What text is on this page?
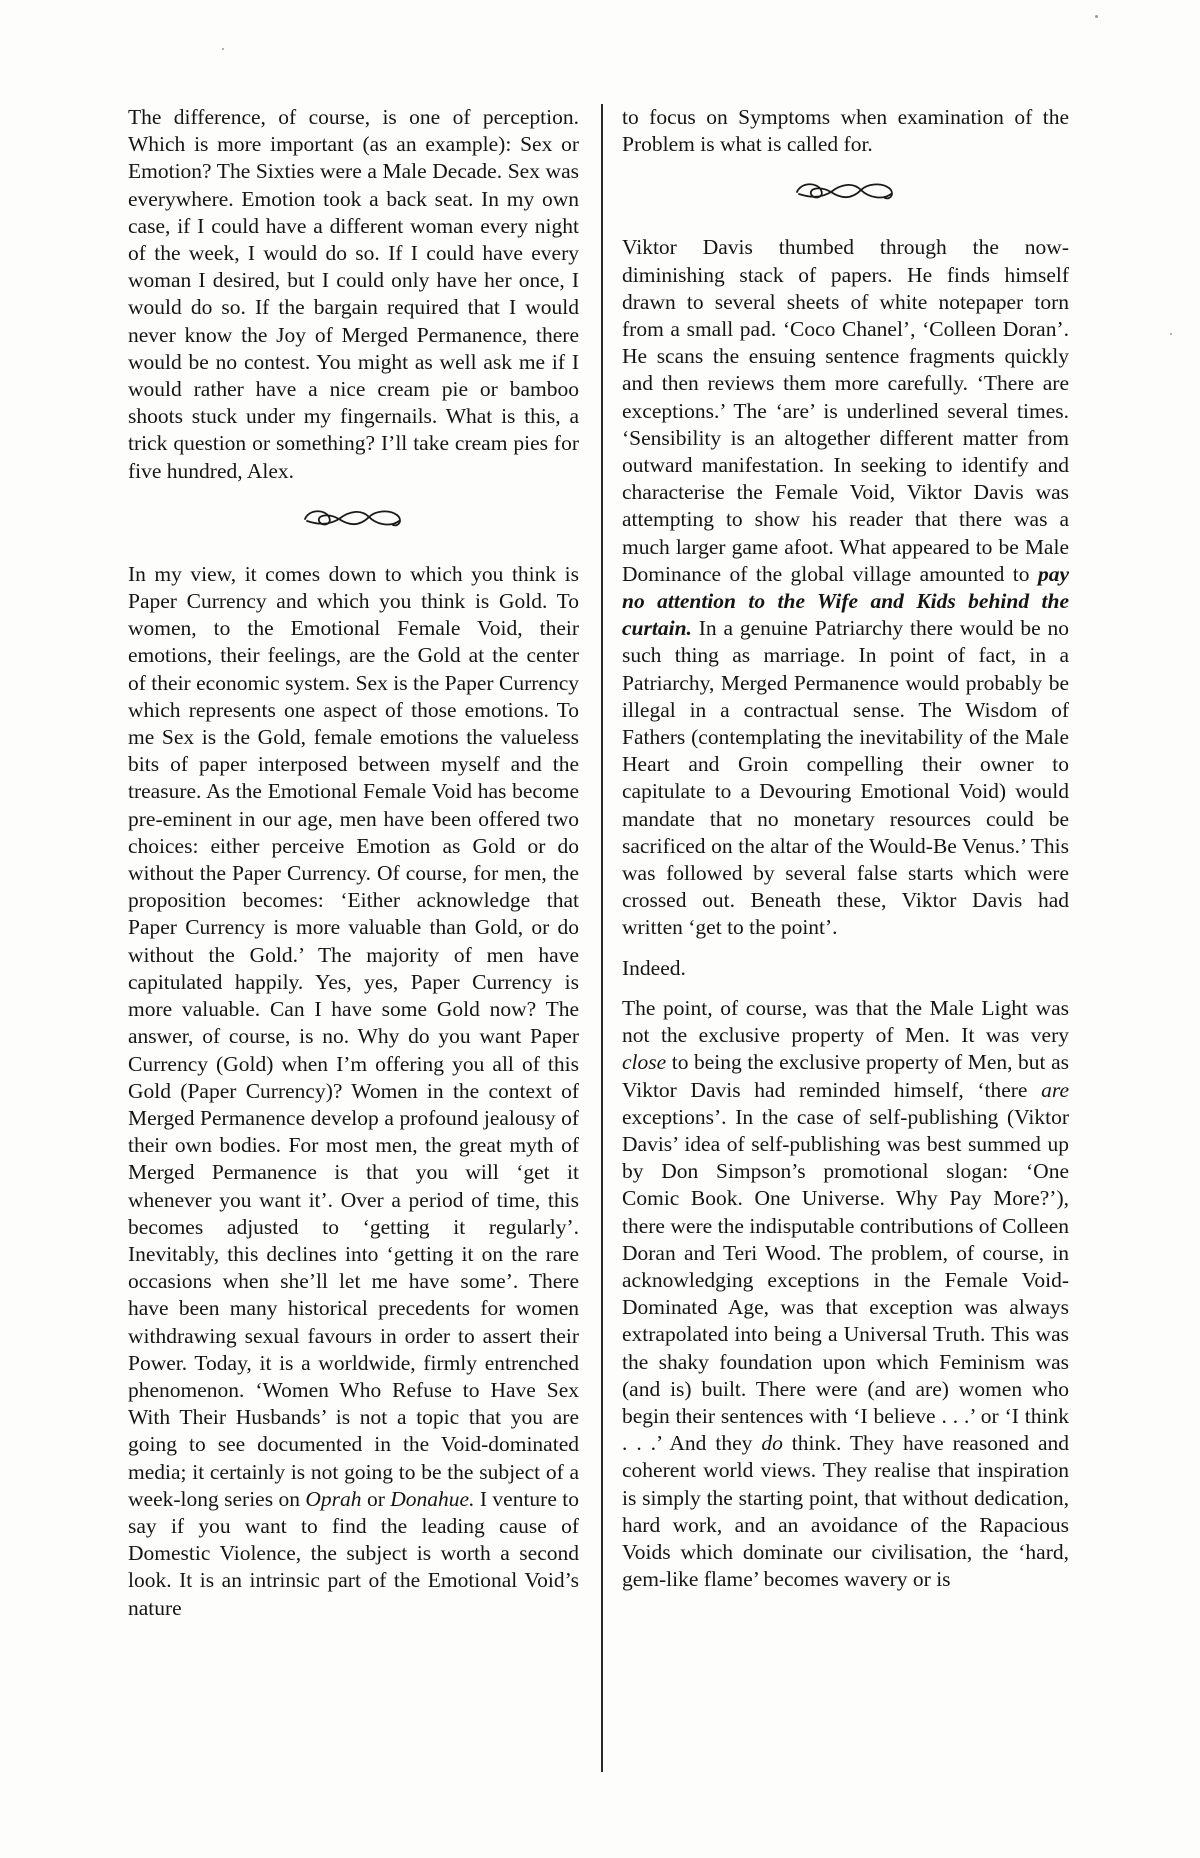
The difference, of course, is one of perception. Which is more important (as an example): Sex or Emotion? The Sixties were a Male Decade. Sex was everywhere. Emotion took a back seat. In my own case, if I could have a different woman every night of the week, I would do so. If I could have every woman I desired, but I could only have her once, I would do so. If the bargain required that I would never know the Joy of Merged Permanence, there would be no contest. You might as well ask me if I would rather have a nice cream pie or bamboo shoots stuck under my fingernails. What is this, a trick question or something? I’ll take cream pies for five hundred, Alex.

In my view, it comes down to which you think is Paper Currency and which you think is Gold. To women, to the Emotional Female Void, their emotions, their feelings, are the Gold at the center of their economic system. Sex is the Paper Currency which represents one aspect of those emotions. To me Sex is the Gold, female emotions the valueless bits of paper interposed between myself and the treasure. As the Emotional Female Void has become pre-eminent in our age, men have been offered two choices: either perceive Emotion as Gold or do without the Paper Currency. Of course, for men, the proposition becomes: ‘Either acknowledge that Paper Currency is more valuable than Gold, or do without the Gold.’ The majority of men have capitulated happily. Yes, yes, Paper Currency is more valuable. Can I have some Gold now? The answer, of course, is no. Why do you want Paper Currency (Gold) when I’m offering you all of this Gold (Paper Currency)? Women in the context of Merged Permanence develop a profound jealousy of their own bodies. For most men, the great myth of Merged Permanence is that you will ‘get it whenever you want it’. Over a period of time, this becomes adjusted to ‘getting it regularly’. Inevitably, this declines into ‘getting it on the rare occasions when she’ll let me have some’. There have been many historical precedents for women withdrawing sexual favours in order to assert their Power. Today, it is a worldwide, firmly entrenched phenomenon. ‘Women Who Refuse to Have Sex With Their Husbands’ is not a topic that you are going to see documented in the Void-dominated media; it certainly is not going to be the subject of a week-long series on Oprah or Donahue. I venture to say if you want to find the leading cause of Domestic Violence, the subject is worth a second look. It is an intrinsic part of the Emotional Void’s nature

to focus on Symptoms when examination of the Problem is what is called for.

Viktor Davis thumbed through the now-diminishing stack of papers. He finds himself drawn to several sheets of white notepaper torn from a small pad. ‘Coco Chanel’, ‘Colleen Doran’. He scans the ensuing sentence fragments quickly and then reviews them more carefully. ‘There are exceptions.’ The ‘are’ is underlined several times. ‘Sensibility is an altogether different matter from outward manifestation. In seeking to identify and characterise the Female Void, Viktor Davis was attempting to show his reader that there was a much larger game afoot. What appeared to be Male Dominance of the global village amounted to pay no attention to the Wife and Kids behind the curtain. In a genuine Patriarchy there would be no such thing as marriage. In point of fact, in a Patriarchy, Merged Permanence would probably be illegal in a contractual sense. The Wisdom of Fathers (contemplating the inevitability of the Male Heart and Groin compelling their owner to capitulate to a Devouring Emotional Void) would mandate that no monetary resources could be sacrificed on the altar of the Would-Be Venus.’ This was followed by several false starts which were crossed out. Beneath these, Viktor Davis had written ‘get to the point’.

Indeed.

The point, of course, was that the Male Light was not the exclusive property of Men. It was very close to being the exclusive property of Men, but as Viktor Davis had reminded himself, ‘there are exceptions’. In the case of self-publishing (Viktor Davis’ idea of self-publishing was best summed up by Don Simpson’s promotional slogan: ‘One Comic Book. One Universe. Why Pay More?’), there were the indisputable contributions of Colleen Doran and Teri Wood. The problem, of course, in acknowledging exceptions in the Female Void-Dominated Age, was that exception was always extrapolated into being a Universal Truth. This was the shaky foundation upon which Feminism was (and is) built. There were (and are) women who begin their sentences with ‘I believe . . .’ or ‘I think . . .’ And they do think. They have reasoned and coherent world views. They realise that inspiration is simply the starting point, that without dedication, hard work, and an avoidance of the Rapacious Voids which dominate our civilisation, the ‘hard, gem-like flame’ becomes wavery or is
